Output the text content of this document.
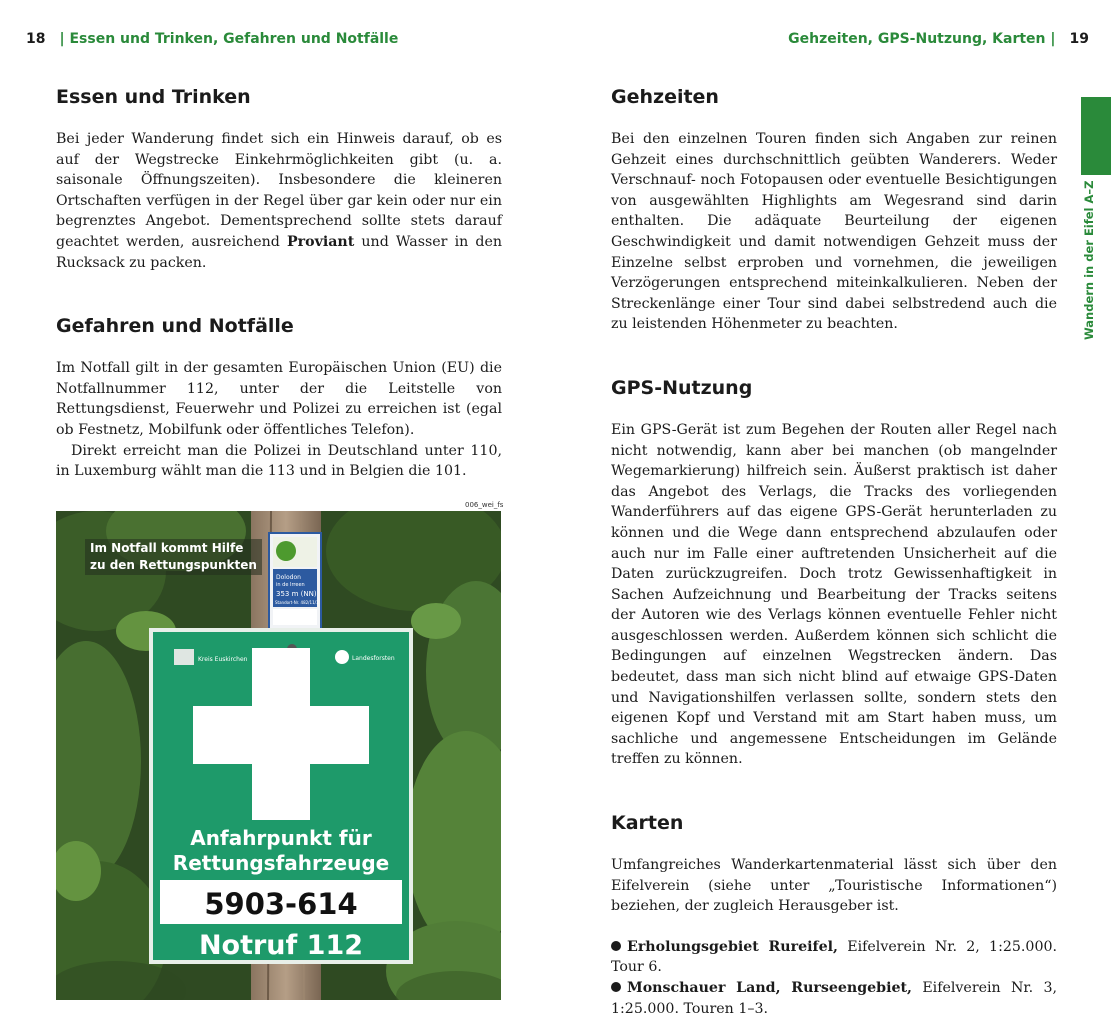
18 | Essen und Trinken, Gefahren und Notfälle	Gehzeiten, GPS-Nutzung, Karten | 19
Essen und Trinken

Bei jeder Wanderung findet sich ein Hinweis darauf, ob es auf der Wegstrecke Einkehrmöglichkeiten gibt (u. a. saisonale Öffnungszeiten). Insbesondere die kleineren Ortschaften verfügen in der Regel über gar kein oder nur ein begrenztes Angebot. Dementsprechend sollte stets darauf geachtet werden, ausreichend Proviant und Wasser in den Rucksack zu packen.

Gefahren und Notfälle

Im Notfall gilt in der gesamten Europäischen Union (EU) die Notfallnummer 112, unter der die Leitstelle von Rettungsdienst, Feuerwehr und Polizei zu erreichen ist (egal ob Festnetz, Mobilfunk oder öffentliches Telefon).

Direkt erreicht man die Polizei in Deutschland unter 110, in Luxemburg wählt man die 113 und in Belgien die 101.

006_wei_fs
Dolodon
in de Irreen
353 m (NN)
Standort-Nr. 482/11/1
Kreis Euskirchen	Landesforsten
Anfahrpunkt für
Rettungsfahrzeuge
5903-614
Notruf 112
Im Notfall kommt Hilfe
zu den Rettungspunkten
Gehzeiten

Bei den einzelnen Touren finden sich Angaben zur reinen Gehzeit eines durchschnittlich geübten Wanderers. Weder Verschnauf- noch Fotopausen oder eventuelle Besichtigungen von ausgewählten Highlights am Wegesrand sind darin enthalten. Die adäquate Beurteilung der eigenen Geschwindigkeit und damit notwendigen Gehzeit muss der Einzelne selbst erproben und vornehmen, die jeweiligen Verzögerungen entsprechend miteinkalkulieren. Neben der Streckenlänge einer Tour sind dabei selbstredend auch die zu leistenden Höhenmeter zu beachten.

GPS-Nutzung

Ein GPS-Gerät ist zum Begehen der Routen aller Regel nach nicht notwendig, kann aber bei manchen (ob mangelnder Wegemarkierung) hilfreich sein. Äußerst praktisch ist daher das Angebot des Verlags, die Tracks des vorliegenden Wanderführers auf das eigene GPS-Gerät herunterladen zu können und die Wege dann entsprechend abzulaufen oder auch nur im Falle einer auftretenden Unsicherheit auf die Daten zurückzugreifen. Doch trotz Gewissenhaftigkeit in Sachen Aufzeichnung und Bearbeitung der Tracks seitens der Autoren wie des Verlags können eventuelle Fehler nicht ausgeschlossen werden. Außerdem können sich schlicht die Bedingungen auf einzelnen Wegstrecken ändern. Das bedeutet, dass man sich nicht blind auf etwaige GPS-Daten und Navigationshilfen verlassen sollte, sondern stets den eigenen Kopf und Verstand mit am Start haben muss, um sachliche und angemessene Entscheidungen im Gelände treffen zu können.

Karten

Umfangreiches Wanderkartenmaterial lässt sich über den Eifelverein (siehe unter „Touristische Informationen“) beziehen, der zugleich Herausgeber ist.

Erholungsgebiet Rureifel, Eifelverein Nr. 2, 1:25.000. Tour 6.

Monschauer Land, Rurseengebiet, Eifelverein Nr. 3, 1:25.000. Touren 1–3.

Wandern in der Eifel A–Z
